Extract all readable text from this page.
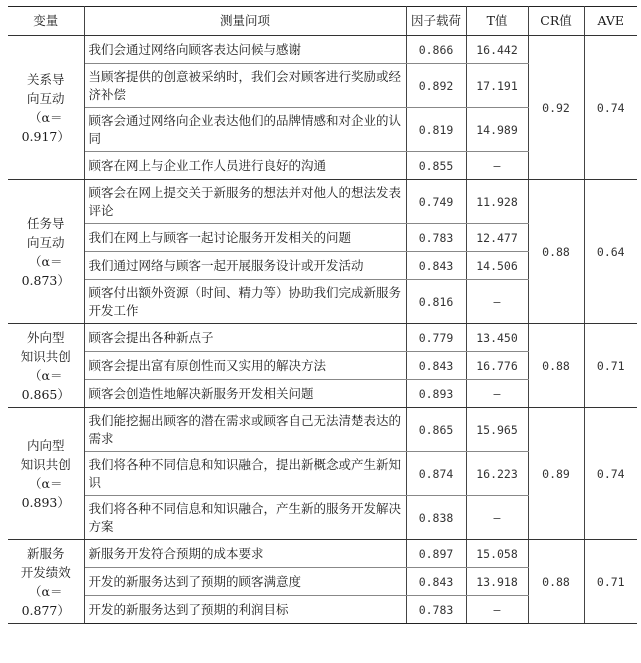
变量	测量问项	因子载荷	T值	CR值	AVE

关系导
向互动
（α＝0.917）	我们会通过网络向顾客表达问候与感谢	0.866	16.442	0.92	0.74
	当顾客提供的创意被采纳时，我们会对顾客进行奖励或经济补偿	0.892	17.191		
	顾客会通过网络向企业表达他们的品牌情感和对企业的认同	0.819	14.989		
	顾客在网上与企业工作人员进行良好的沟通	0.855	—		

任务导
向互动
（α＝0.873）	顾客会在网上提交关于新服务的想法并对他人的想法发表评论	0.749	11.928	0.88	0.64
	我们在网上与顾客一起讨论服务开发相关的问题	0.783	12.477		
	我们通过网络与顾客一起开展服务设计或开发活动	0.843	14.506		
	顾客付出额外资源（时间、精力等）协助我们完成新服务开发工作	0.816	—		

外向型
知识共创
（α＝0.865）	顾客会提出各种新点子	0.779	13.450	0.88	0.71
	顾客会提出富有原创性而又实用的解决方法	0.843	16.776		
	顾客会创造性地解决新服务开发相关问题	0.893	—		

内向型
知识共创
（α＝0.893）	我们能挖掘出顾客的潜在需求或顾客自己无法清楚表达的需求	0.865	15.965	0.89	0.74
	我们将各种不同信息和知识融合，提出新概念或产生新知识	0.874	16.223		
	我们将各种不同信息和知识融合，产生新的服务开发解决方案	0.838	—		

新服务
开发绩效
（α＝0.877）	新服务开发符合预期的成本要求	0.897	15.058	0.88	0.71
	开发的新服务达到了预期的顾客满意度	0.843	13.918		
	开发的新服务达到了预期的利润目标	0.783	—		
